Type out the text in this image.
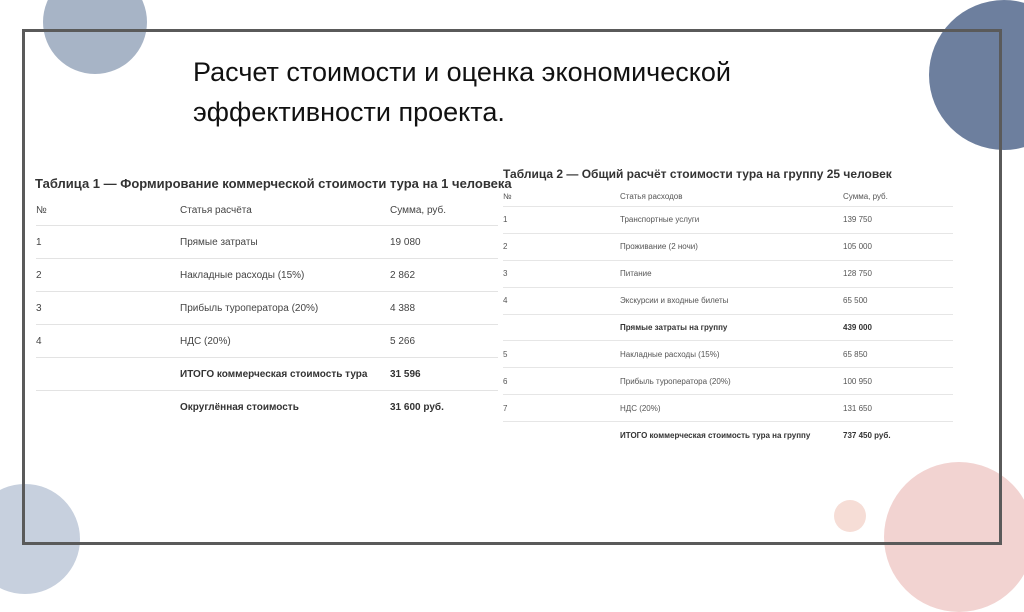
Расчет стоимости и оценка экономической
эффективности проекта.
Таблица 1 — Формирование коммерческой стоимости тура на 1 человека
№	Статья расчёта	Сумма, руб.
1	Прямые затраты	19 080
2	Накладные расходы (15%)	2 862
3	Прибыль туроператора (20%)	4 388
4	НДС (20%)	5 266
	ИТОГО коммерческая стоимость тура	31 596
	Округлённая стоимость	31 600 руб.
Таблица 2 — Общий расчёт стоимости тура на группу 25 человек
№	Статья расходов	Сумма, руб.
1	Транспортные услуги	139 750
2	Проживание (2 ночи)	105 000
3	Питание	128 750
4	Экскурсии и входные билеты	65 500
	Прямые затраты на группу	439 000
5	Накладные расходы (15%)	65 850
6	Прибыль туроператора (20%)	100 950
7	НДС (20%)	131 650
	ИТОГО коммерческая стоимость тура на группу	737 450 руб.
